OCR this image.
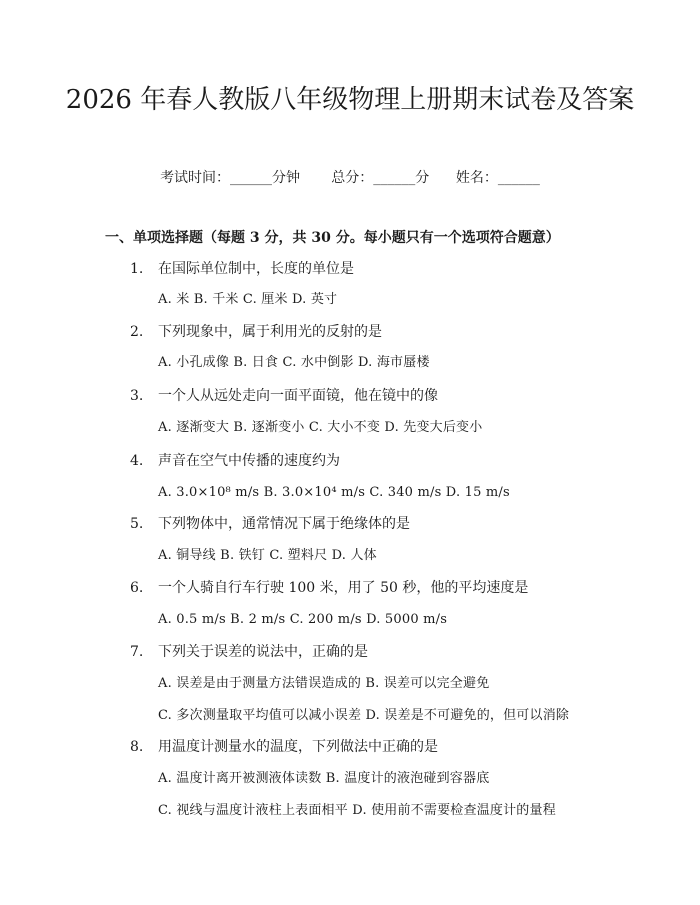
2026 年春人教版八年级物理上册期末试卷及答案
考试时间：______分钟 总分：______分 姓名：______
一、单项选择题（每题 3 分，共 30 分。每小题只有一个选项符合题意）
1. 在国际单位制中，长度的单位是
A. 米 B. 千米 C. 厘米 D. 英寸
2. 下列现象中，属于利用光的反射的是
A. 小孔成像 B. 日食 C. 水中倒影 D. 海市蜃楼
3. 一个人从远处走向一面平面镜，他在镜中的像
A. 逐渐变大 B. 逐渐变小 C. 大小不变 D. 先变大后变小
4. 声音在空气中传播的速度约为
A. 3.0×10⁸ m/s B. 3.0×10⁴ m/s C. 340 m/s D. 15 m/s
5. 下列物体中，通常情况下属于绝缘体的是
A. 铜导线 B. 铁钉 C. 塑料尺 D. 人体
6. 一个人骑自行车行驶 100 米，用了 50 秒，他的平均速度是
A. 0.5 m/s B. 2 m/s C. 200 m/s D. 5000 m/s
7. 下列关于误差的说法中，正确的是
A. 误差是由于测量方法错误造成的 B. 误差可以完全避免
C. 多次测量取平均值可以减小误差 D. 误差是不可避免的，但可以消除
8. 用温度计测量水的温度，下列做法中正确的是
A. 温度计离开被测液体读数 B. 温度计的液泡碰到容器底
C. 视线与温度计液柱上表面相平 D. 使用前不需要检查温度计的量程
